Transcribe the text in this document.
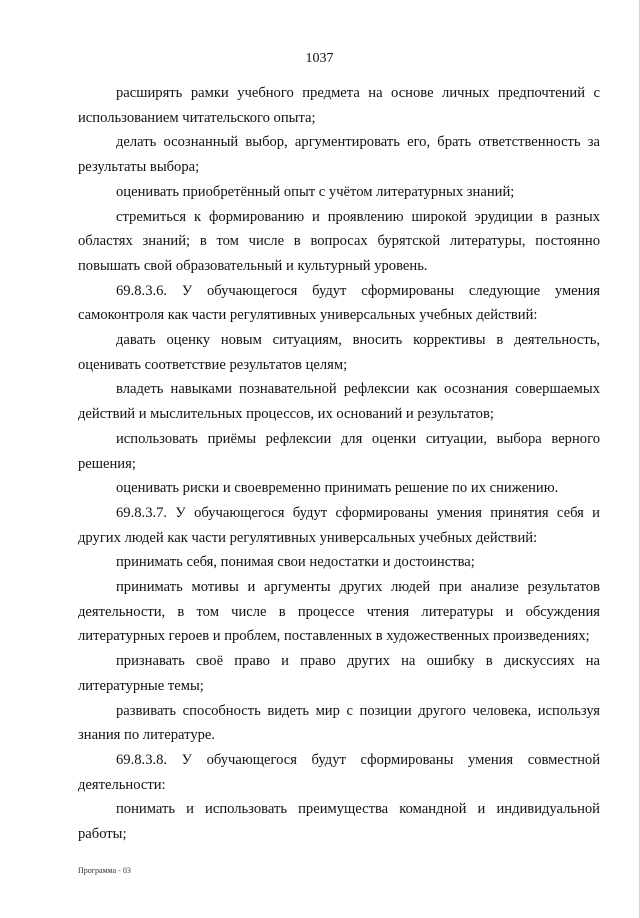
1037

расширять рамки учебного предмета на основе личных предпочтений с использованием читательского опыта;

делать осознанный выбор, аргументировать его, брать ответственность за результаты выбора;

оценивать приобретённый опыт с учётом литературных знаний;

стремиться к формированию и проявлению широкой эрудиции в разных областях знаний; в том числе в вопросах бурятской литературы, постоянно повышать свой образовательный и культурный уровень.

69.8.3.6. У обучающегося будут сформированы следующие умения самоконтроля как части регулятивных универсальных учебных действий:

давать оценку новым ситуациям, вносить коррективы в деятельность, оценивать соответствие результатов целям;

владеть навыками познавательной рефлексии как осознания совершаемых действий и мыслительных процессов, их оснований и результатов;

использовать приёмы рефлексии для оценки ситуации, выбора верного решения;

оценивать риски и своевременно принимать решение по их снижению.

69.8.3.7. У обучающегося будут сформированы умения принятия себя и других людей как части регулятивных универсальных учебных действий:

принимать себя, понимая свои недостатки и достоинства;

принимать мотивы и аргументы других людей при анализе результатов деятельности, в том числе в процессе чтения литературы и обсуждения литературных героев и проблем, поставленных в художественных произведениях;

признавать своё право и право других на ошибку в дискуссиях на литературные темы;

развивать способность видеть мир с позиции другого человека, используя знания по литературе.

69.8.3.8. У обучающегося будут сформированы умения совместной деятельности:

понимать и использовать преимущества командной и индивидуальной работы;

Программа - 03
